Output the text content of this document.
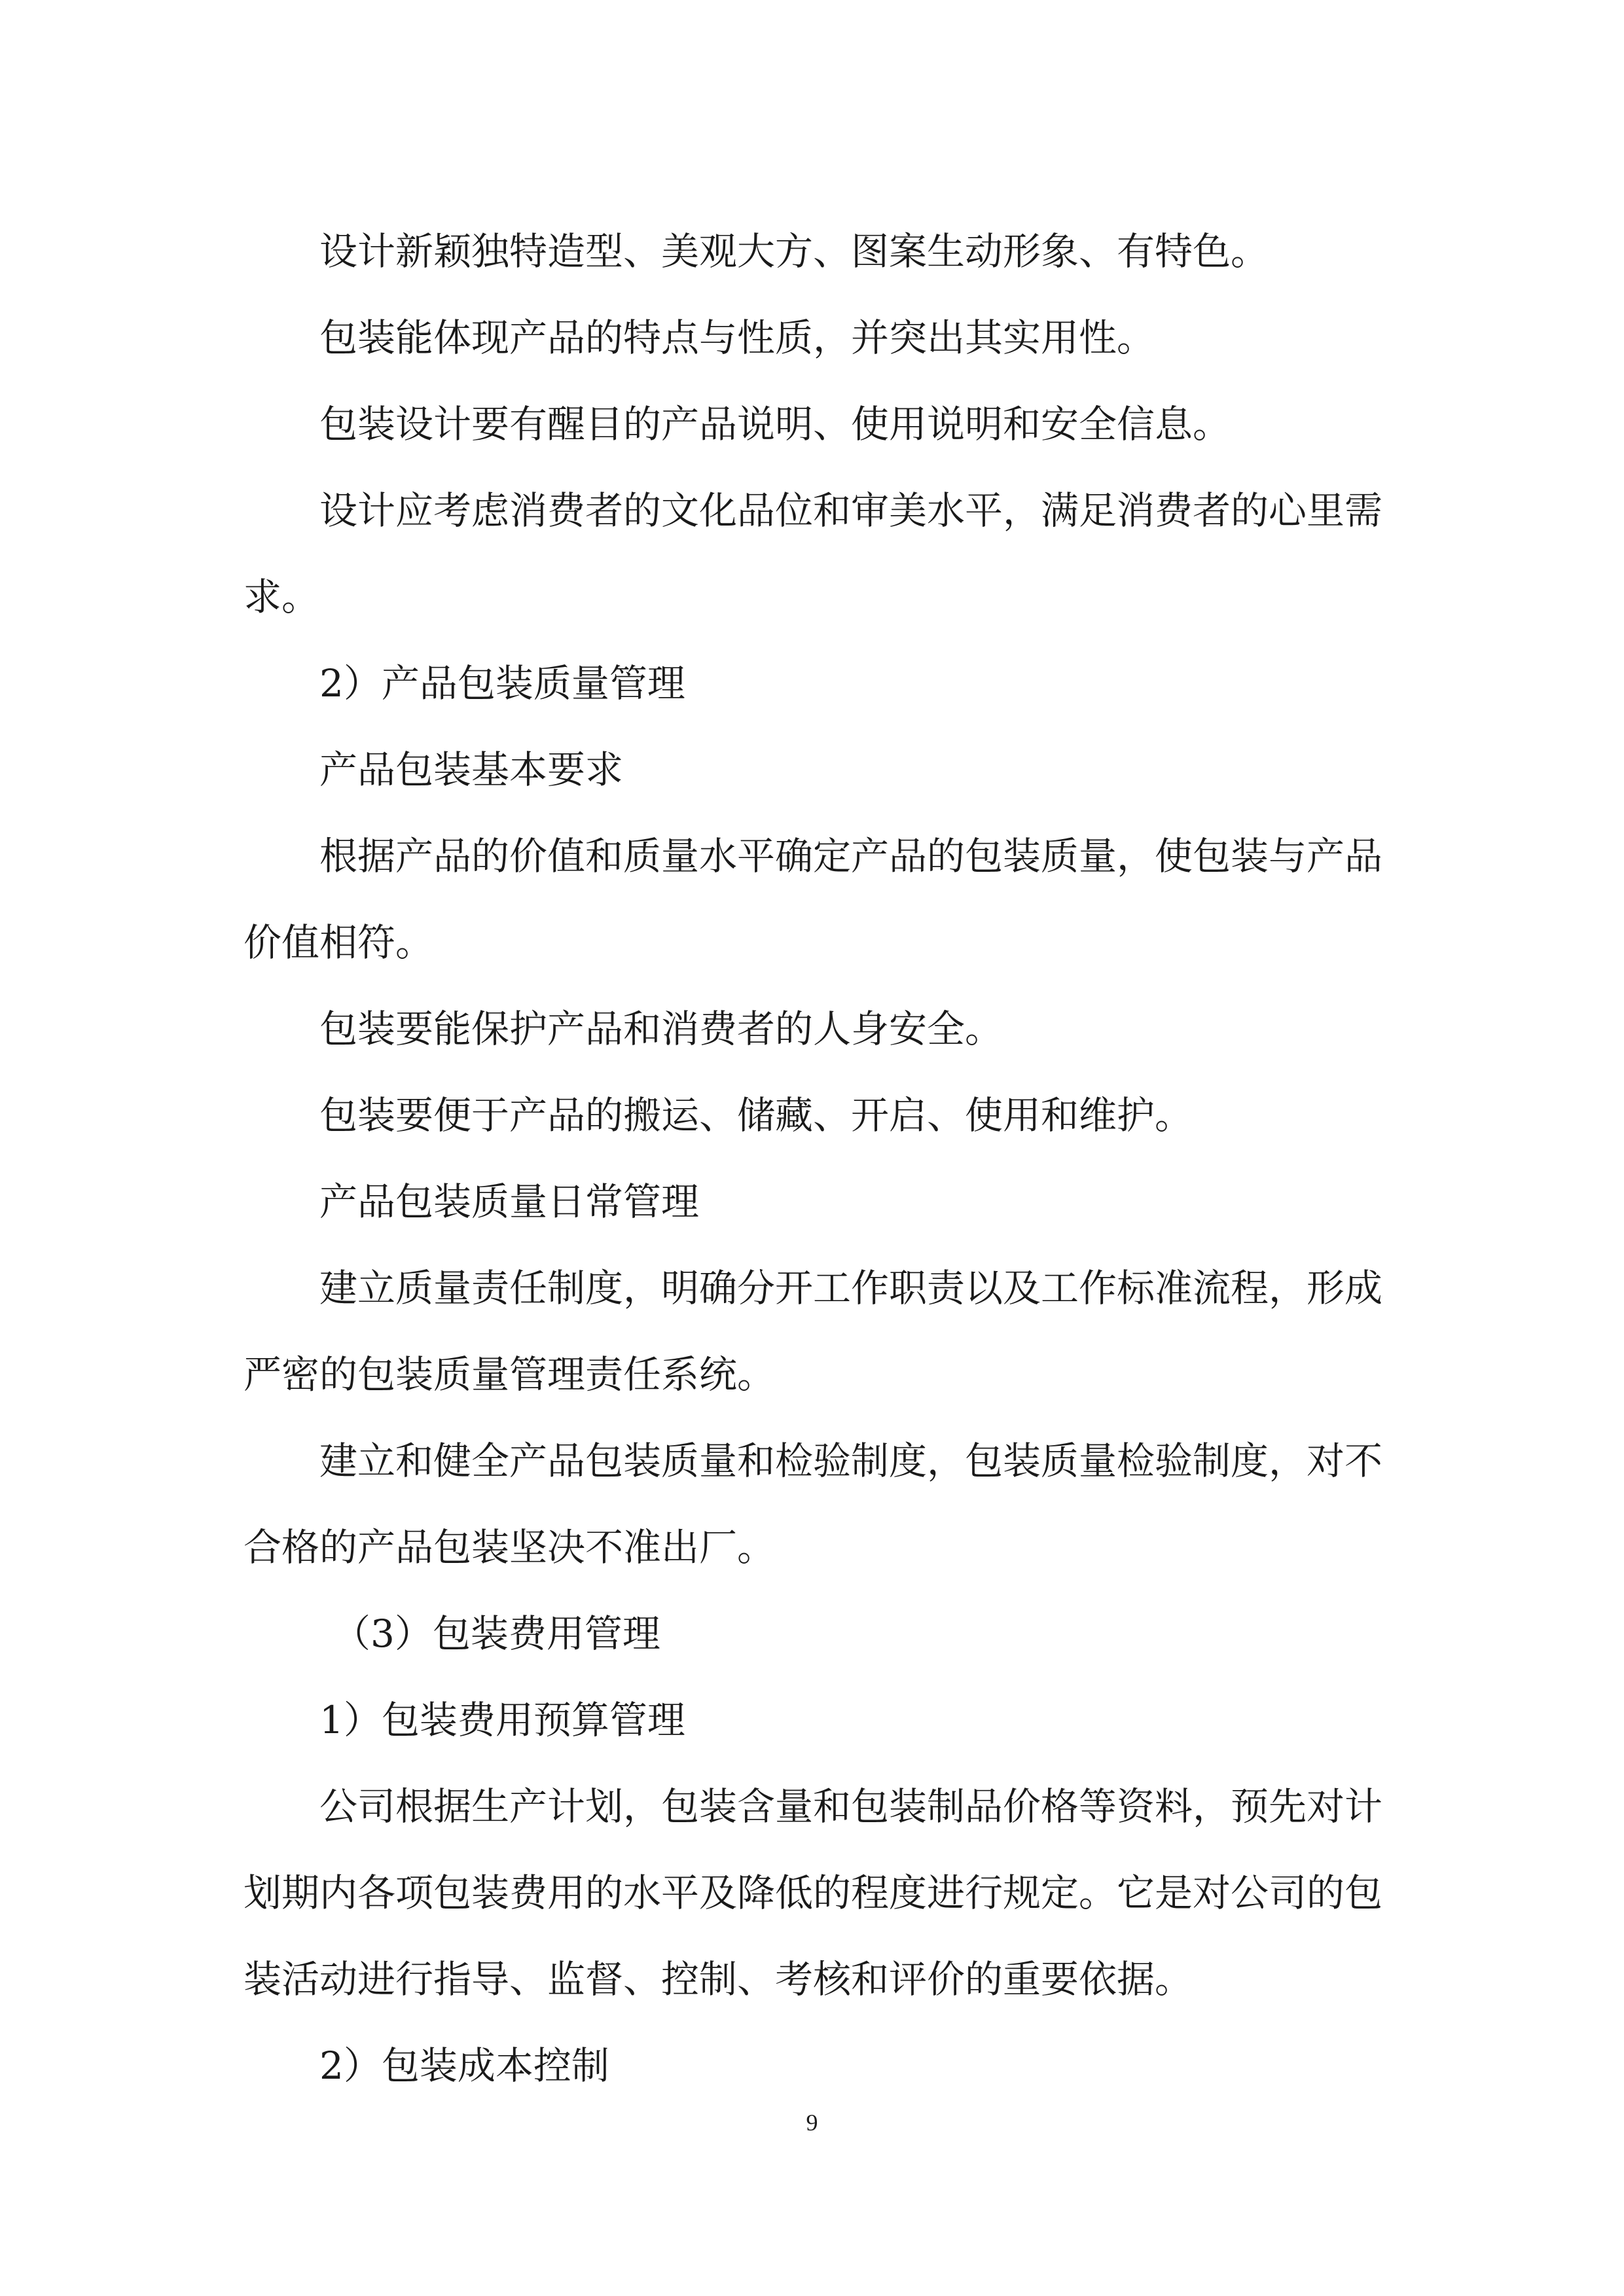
设计新颖独特造型、美观大方、图案生动形象、有特色。

包装能体现产品的特点与性质，并突出其实用性。

包装设计要有醒目的产品说明、使用说明和安全信息。

设计应考虑消费者的文化品位和审美水平，满足消费者的心里需求。

2）产品包装质量管理

产品包装基本要求

根据产品的价值和质量水平确定产品的包装质量，使包装与产品价值相符。

包装要能保护产品和消费者的人身安全。

包装要便于产品的搬运、储藏、开启、使用和维护。

产品包装质量日常管理

建立质量责任制度，明确分开工作职责以及工作标准流程，形成严密的包装质量管理责任系统。

建立和健全产品包装质量和检验制度，包装质量检验制度，对不合格的产品包装坚决不准出厂。

（3）包装费用管理

1）包装费用预算管理

公司根据生产计划，包装含量和包装制品价格等资料，预先对计划期内各项包装费用的水平及降低的程度进行规定。它是对公司的包装活动进行指导、监督、控制、考核和评价的重要依据。

2）包装成本控制

9
